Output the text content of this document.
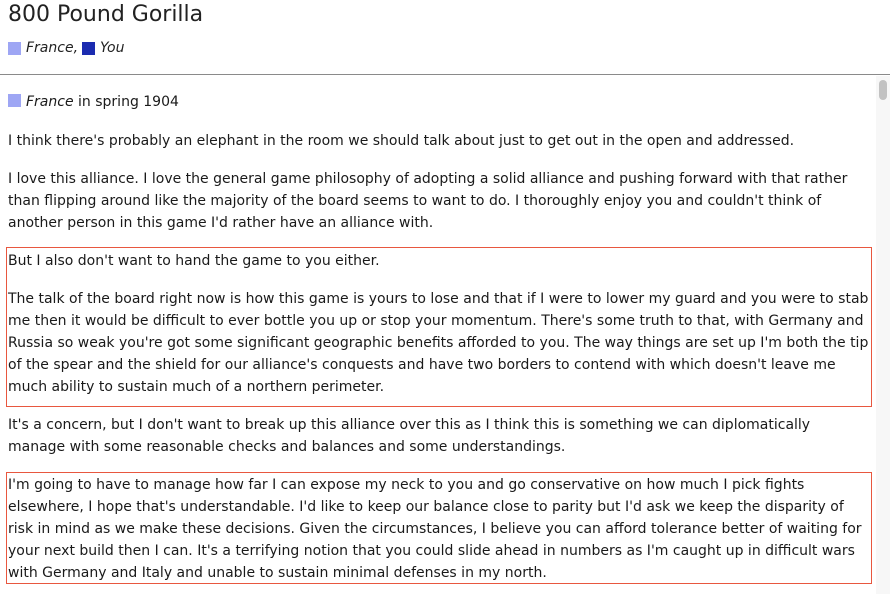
800 Pound Gorilla
France , You
France in spring 1904

I think there's probably an elephant in the room we should talk about just to get out in the open and addressed.

I love this alliance. I love the general game philosophy of adopting a solid alliance and pushing forward with that rather than flipping around like the majority of the board seems to want to do. I thoroughly enjoy you and couldn't think of another person in this game I'd rather have an alliance with.

But I also don't want to hand the game to you either.

The talk of the board right now is how this game is yours to lose and that if I were to lower my guard and you were to stab me then it would be difficult to ever bottle you up or stop your momentum. There's some truth to that, with Germany and Russia so weak you're got some significant geographic benefits afforded to you. The way things are set up I'm both the tip of the spear and the shield for our alliance's conquests and have two borders to contend with which doesn't leave me much ability to sustain much of a northern perimeter.

It's a concern, but I don't want to break up this alliance over this as I think this is something we can diplomatically manage with some reasonable checks and balances and some understandings.

I'm going to have to manage how far I can expose my neck to you and go conservative on how much I pick fights elsewhere, I hope that's understandable. I'd like to keep our balance close to parity but I'd ask we keep the disparity of risk in mind as we make these decisions. Given the circumstances, I believe you can afford tolerance better of waiting for your next build then I can. It's a terrifying notion that you could slide ahead in numbers as I'm caught up in difficult wars with Germany and Italy and unable to sustain minimal defenses in my north.
